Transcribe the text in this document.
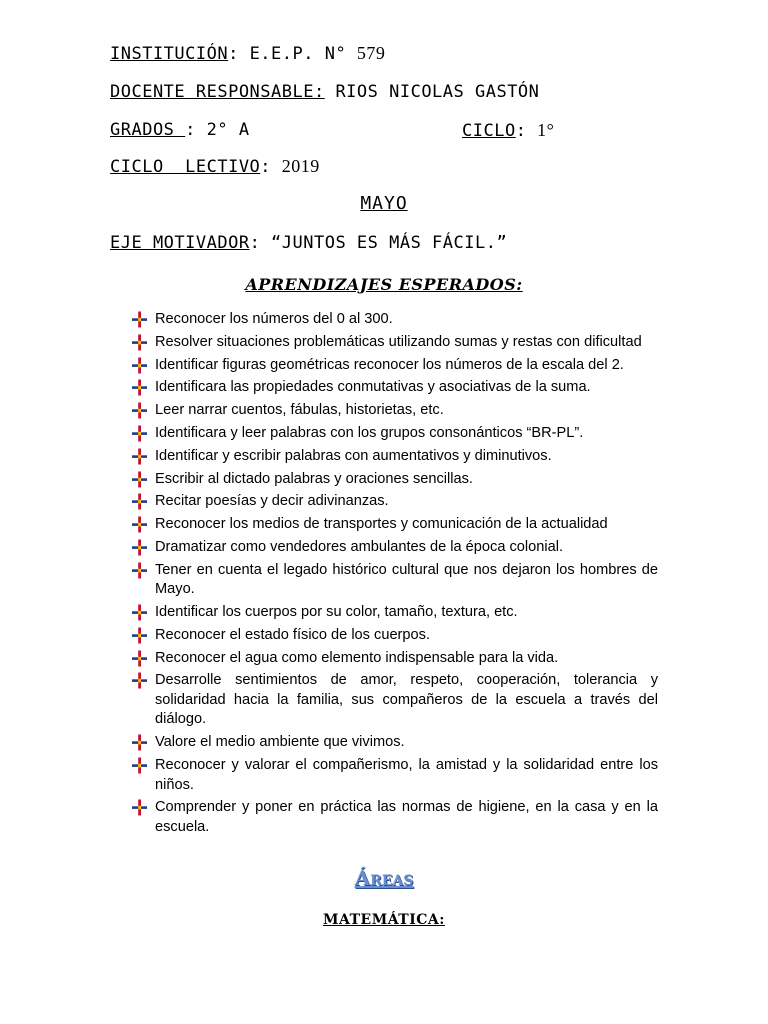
INSTITUCIÓN: E.E.P. N° 579
DOCENTE RESPONSABLE: RIOS NICOLAS GASTÓN
GRADOS : 2° A	CICLO: 1°
CICLO  LECTIVO: 2019
MAYO
EJE MOTIVADOR: “JUNTOS ES MÁS FÁCIL.”
APRENDIZAJES ESPERADOS:
Reconocer los números del 0 al 300.
Resolver situaciones problemáticas utilizando sumas y restas con dificultad
Identificar figuras geométricas reconocer los números de la escala del 2.
Identificara las propiedades conmutativas y asociativas de la suma.
Leer narrar cuentos, fábulas, historietas, etc.
Identificara y leer palabras con los grupos consonánticos “BR-PL”.
Identificar y escribir palabras con aumentativos y diminutivos.
Escribir al dictado palabras y oraciones sencillas.
Recitar poesías y decir adivinanzas.
Reconocer los medios de transportes y comunicación de la actualidad
Dramatizar como vendedores ambulantes de la época colonial.
Tener en cuenta el legado histórico cultural que nos dejaron los hombres de Mayo.
Identificar los cuerpos por su color, tamaño, textura, etc.
Reconocer el estado físico de los cuerpos.
Reconocer el agua como elemento indispensable para la vida.
Desarrolle sentimientos de amor, respeto, cooperación, tolerancia y solidaridad hacia la familia, sus compañeros de la escuela a través del diálogo.
Valore el medio ambiente que vivimos.
Reconocer y valorar el compañerismo, la amistad y la solidaridad entre los niños.
Comprender y poner en práctica las normas de higiene, en la casa y en la escuela.
Áreas
MATEMÁTICA:
